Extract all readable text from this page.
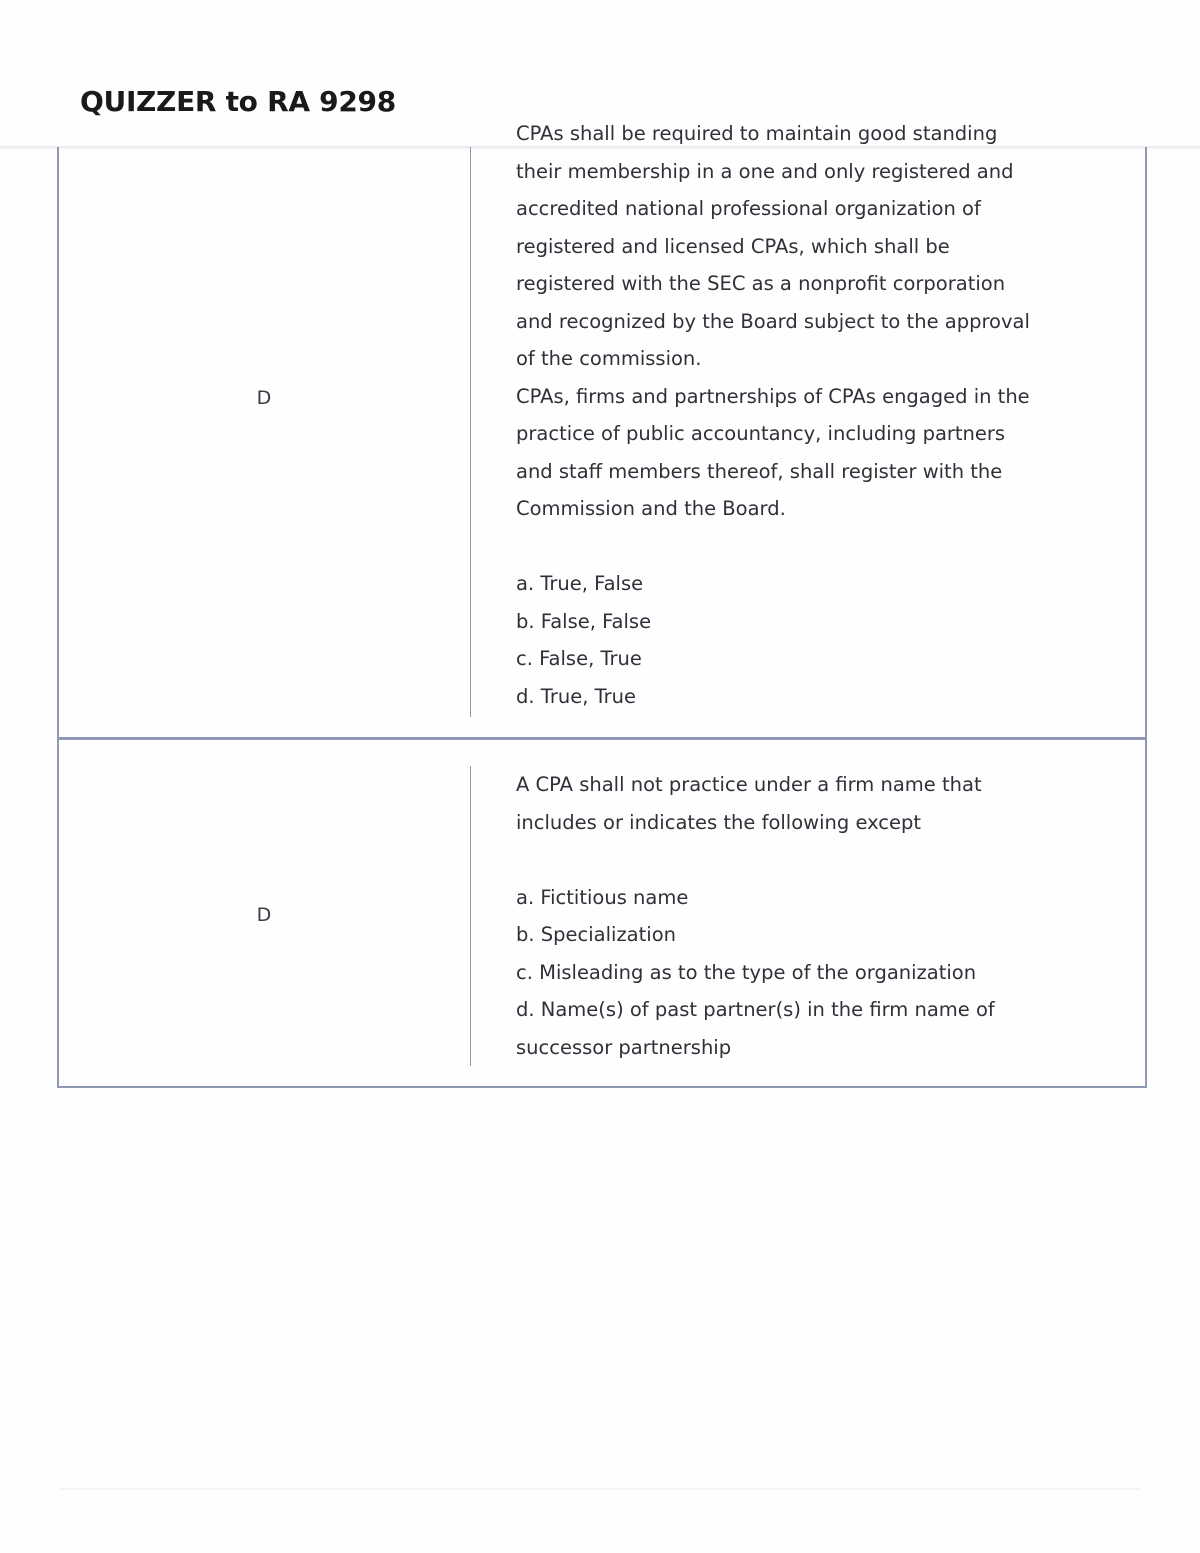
QUIZZER to RA 9298
D

CPAs shall be required to maintain good standing

their membership in a one and only registered and

accredited national professional organization of

registered and licensed CPAs, which shall be

registered with the SEC as a nonprofit corporation

and recognized by the Board subject to the approval

of the commission.

CPAs, firms and partnerships of CPAs engaged in the

practice of public accountancy, including partners

and staff members thereof, shall register with the

Commission and the Board.

a. True, False

b. False, False

c. False, True

d. True, True

D

A CPA shall not practice under a firm name that

includes or indicates the following except

a. Fictitious name

b. Specialization

c. Misleading as to the type of the organization

d. Name(s) of past partner(s) in the firm name of

successor partnership
